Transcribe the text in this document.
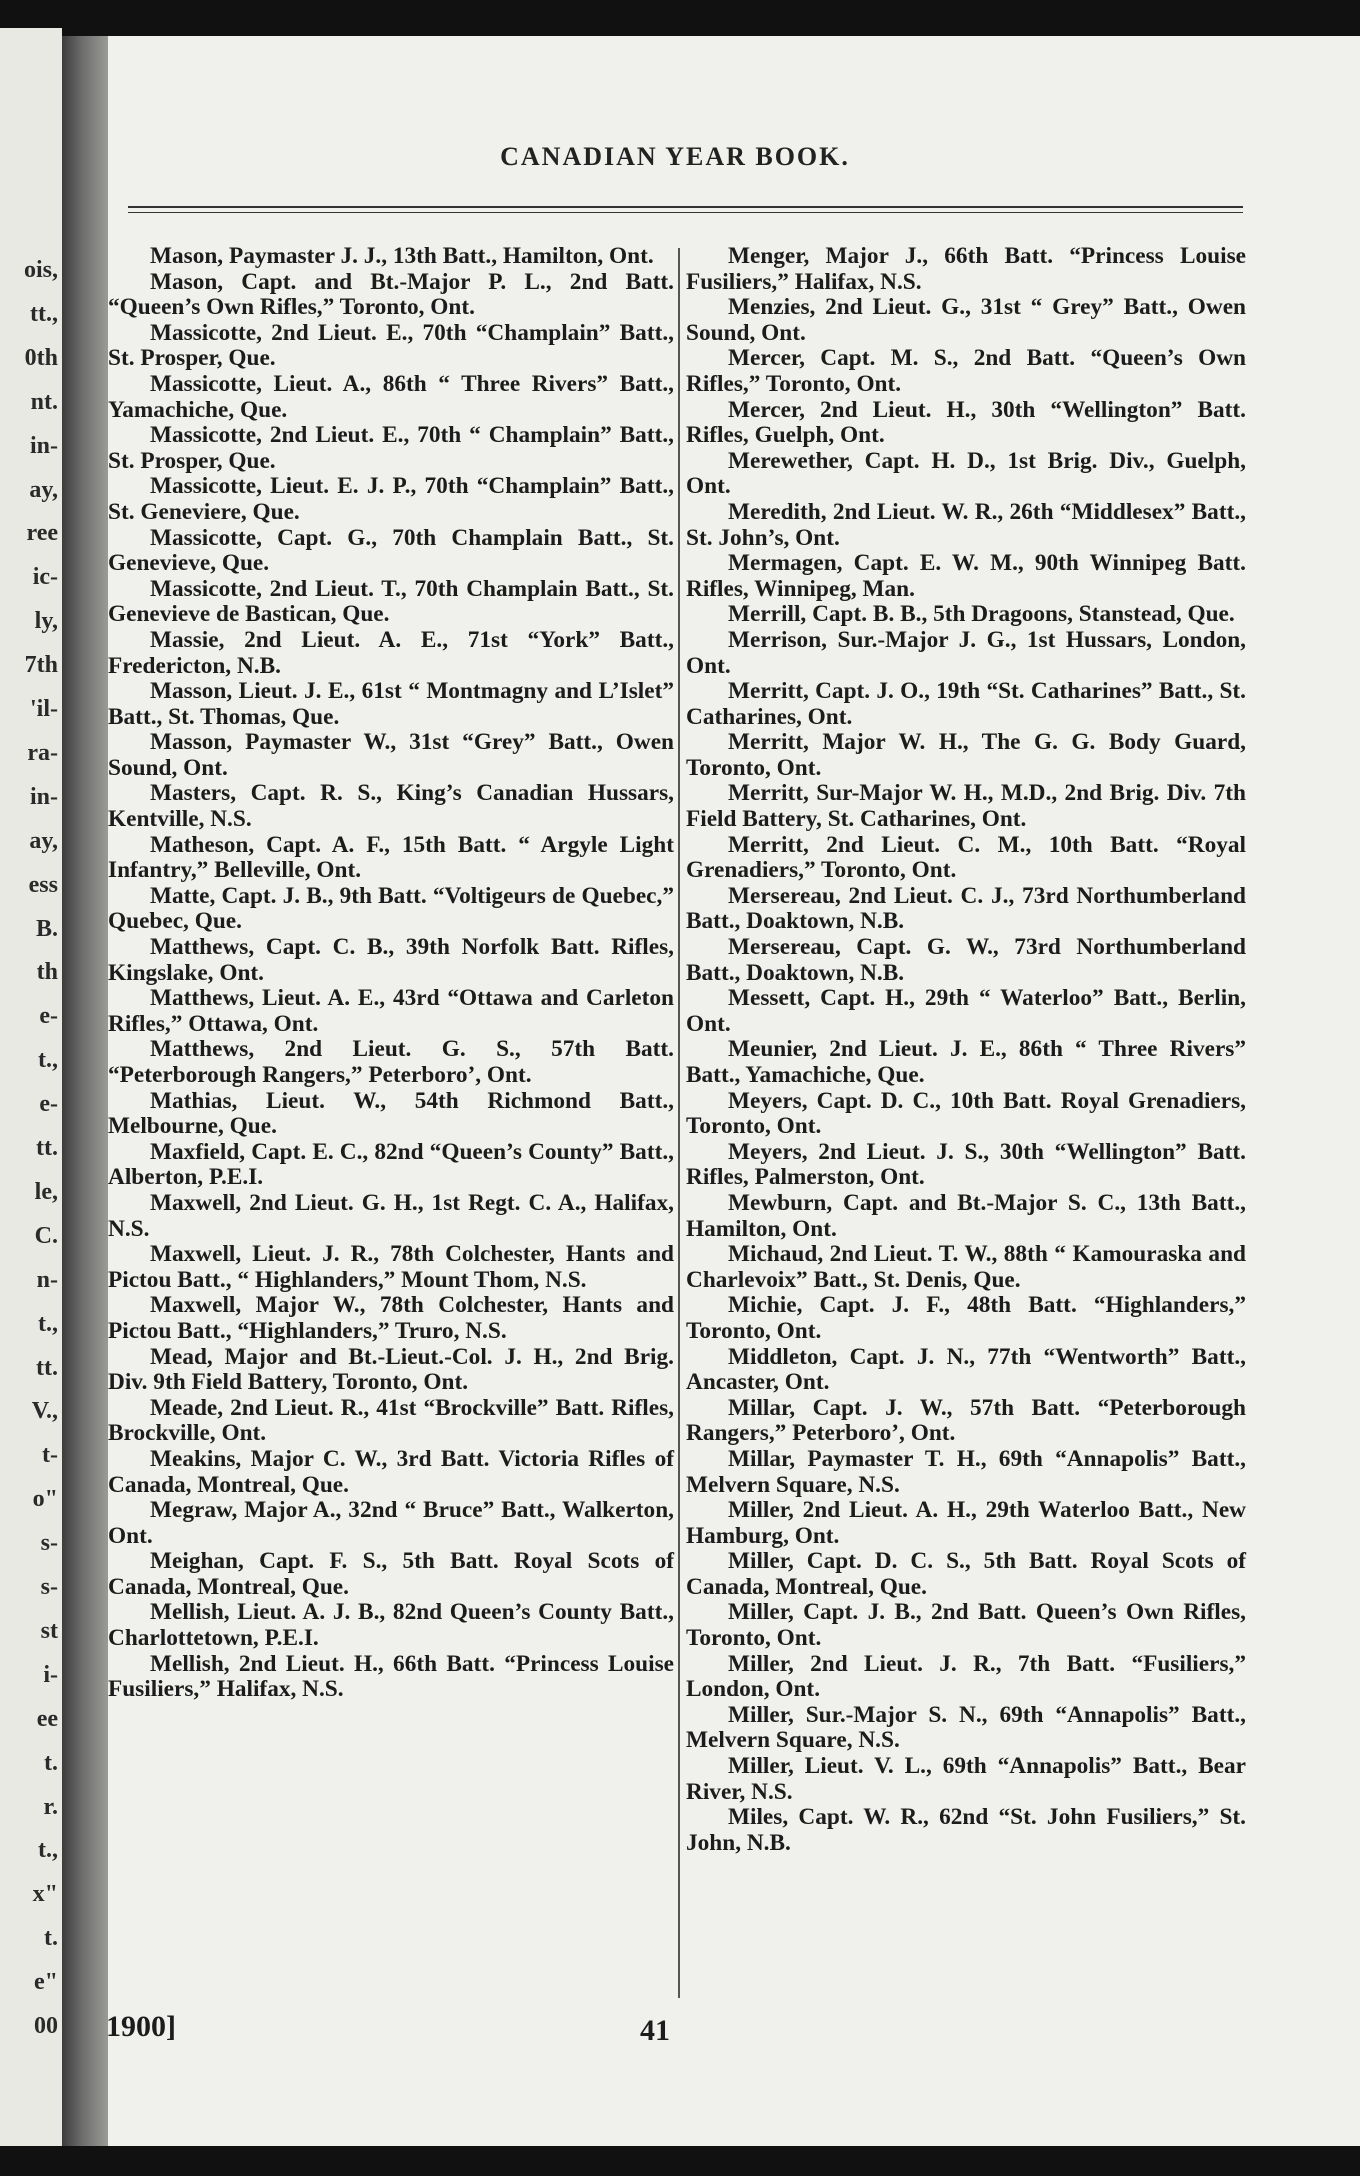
ois,
tt.,
0th
nt.
in-
ay,
ree
ic-
ly,
7th
'il-
ra-
in-
ay,
ess
B.
th
e-
t.,
e-
tt.
le,
C.
n-
t.,
tt.
V.,
t-
o"
s-
s-
st
i-
ee
t.
r.
t.,
x"
t.
e"
00
CANADIAN YEAR BOOK.

Mason, Paymaster J. J., 13th Batt., Hamilton, Ont.

Mason, Capt. and Bt.-Major P. L., 2nd Batt. “Queen’s Own Rifles,” Toronto, Ont.

Massicotte, 2nd Lieut. E., 70th “Champlain” Batt., St. Prosper, Que.

Massicotte, Lieut. A., 86th “ Three Rivers” Batt., Yamachiche, Que.

Massicotte, 2nd Lieut. E., 70th “ Champlain” Batt., St. Prosper, Que.

Massicotte, Lieut. E. J. P., 70th “Champlain” Batt., St. Geneviere, Que.

Massicotte, Capt. G., 70th Champlain Batt., St. Genevieve, Que.

Massicotte, 2nd Lieut. T., 70th Champlain Batt., St. Genevieve de Bastican, Que.

Massie, 2nd Lieut. A. E., 71st “York” Batt., Fredericton, N.B.

Masson, Lieut. J. E., 61st “ Montmagny and L’Islet” Batt., St. Thomas, Que.

Masson, Paymaster W., 31st “Grey” Batt., Owen Sound, Ont.

Masters, Capt. R. S., King’s Canadian Hussars, Kentville, N.S.

Matheson, Capt. A. F., 15th Batt. “ Argyle Light Infantry,” Belleville, Ont.

Matte, Capt. J. B., 9th Batt. “Voltigeurs de Quebec,” Quebec, Que.

Matthews, Capt. C. B., 39th Norfolk Batt. Rifles, Kingslake, Ont.

Matthews, Lieut. A. E., 43rd “Ottawa and Carleton Rifles,” Ottawa, Ont.

Matthews, 2nd Lieut. G. S., 57th Batt. “Peterborough Rangers,” Peterboro’, Ont.

Mathias, Lieut. W., 54th Richmond Batt., Melbourne, Que.

Maxfield, Capt. E. C., 82nd “Queen’s County” Batt., Alberton, P.E.I.

Maxwell, 2nd Lieut. G. H., 1st Regt. C. A., Halifax, N.S.

Maxwell, Lieut. J. R., 78th Colchester, Hants and Pictou Batt., “ Highlanders,” Mount Thom, N.S.

Maxwell, Major W., 78th Colchester, Hants and Pictou Batt., “Highlanders,” Truro, N.S.

Mead, Major and Bt.-Lieut.-Col. J. H., 2nd Brig. Div. 9th Field Battery, Toronto, Ont.

Meade, 2nd Lieut. R., 41st “Brockville” Batt. Rifles, Brockville, Ont.

Meakins, Major C. W., 3rd Batt. Victoria Rifles of Canada, Montreal, Que.

Megraw, Major A., 32nd “ Bruce” Batt., Walkerton, Ont.

Meighan, Capt. F. S., 5th Batt. Royal Scots of Canada, Montreal, Que.

Mellish, Lieut. A. J. B., 82nd Queen’s County Batt., Charlottetown, P.E.I.

Mellish, 2nd Lieut. H., 66th Batt. “Princess Louise Fusiliers,” Halifax, N.S.

Menger, Major J., 66th Batt. “Princess Louise Fusiliers,” Halifax, N.S.

Menzies, 2nd Lieut. G., 31st “ Grey” Batt., Owen Sound, Ont.

Mercer, Capt. M. S., 2nd Batt. “Queen’s Own Rifles,” Toronto, Ont.

Mercer, 2nd Lieut. H., 30th “Wellington” Batt. Rifles, Guelph, Ont.

Merewether, Capt. H. D., 1st Brig. Div., Guelph, Ont.

Meredith, 2nd Lieut. W. R., 26th “Middlesex” Batt., St. John’s, Ont.

Mermagen, Capt. E. W. M., 90th Winnipeg Batt. Rifles, Winnipeg, Man.

Merrill, Capt. B. B., 5th Dragoons, Stanstead, Que.

Merrison, Sur.-Major J. G., 1st Hussars, London, Ont.

Merritt, Capt. J. O., 19th “St. Catharines” Batt., St. Catharines, Ont.

Merritt, Major W. H., The G. G. Body Guard, Toronto, Ont.

Merritt, Sur-Major W. H., M.D., 2nd Brig. Div. 7th Field Battery, St. Catharines, Ont.

Merritt, 2nd Lieut. C. M., 10th Batt. “Royal Grenadiers,” Toronto, Ont.

Mersereau, 2nd Lieut. C. J., 73rd Northumberland Batt., Doaktown, N.B.

Mersereau, Capt. G. W., 73rd Northumberland Batt., Doaktown, N.B.

Messett, Capt. H., 29th “ Waterloo” Batt., Berlin, Ont.

Meunier, 2nd Lieut. J. E., 86th “ Three Rivers” Batt., Yamachiche, Que.

Meyers, Capt. D. C., 10th Batt. Royal Grenadiers, Toronto, Ont.

Meyers, 2nd Lieut. J. S., 30th “Wellington” Batt. Rifles, Palmerston, Ont.

Mewburn, Capt. and Bt.-Major S. C., 13th Batt., Hamilton, Ont.

Michaud, 2nd Lieut. T. W., 88th “ Kamouraska and Charlevoix” Batt., St. Denis, Que.

Michie, Capt. J. F., 48th Batt. “Highlanders,” Toronto, Ont.

Middleton, Capt. J. N., 77th “Wentworth” Batt., Ancaster, Ont.

Millar, Capt. J. W., 57th Batt. “Peterborough Rangers,” Peterboro’, Ont.

Millar, Paymaster T. H., 69th “Annapolis” Batt., Melvern Square, N.S.

Miller, 2nd Lieut. A. H., 29th Waterloo Batt., New Hamburg, Ont.

Miller, Capt. D. C. S., 5th Batt. Royal Scots of Canada, Montreal, Que.

Miller, Capt. J. B., 2nd Batt. Queen’s Own Rifles, Toronto, Ont.

Miller, 2nd Lieut. J. R., 7th Batt. “Fusiliers,” London, Ont.

Miller, Sur.-Major S. N., 69th “Annapolis” Batt., Melvern Square, N.S.

Miller, Lieut. V. L., 69th “Annapolis” Batt., Bear River, N.S.

Miles, Capt. W. R., 62nd “St. John Fusiliers,” St. John, N.B.

1900]	41
